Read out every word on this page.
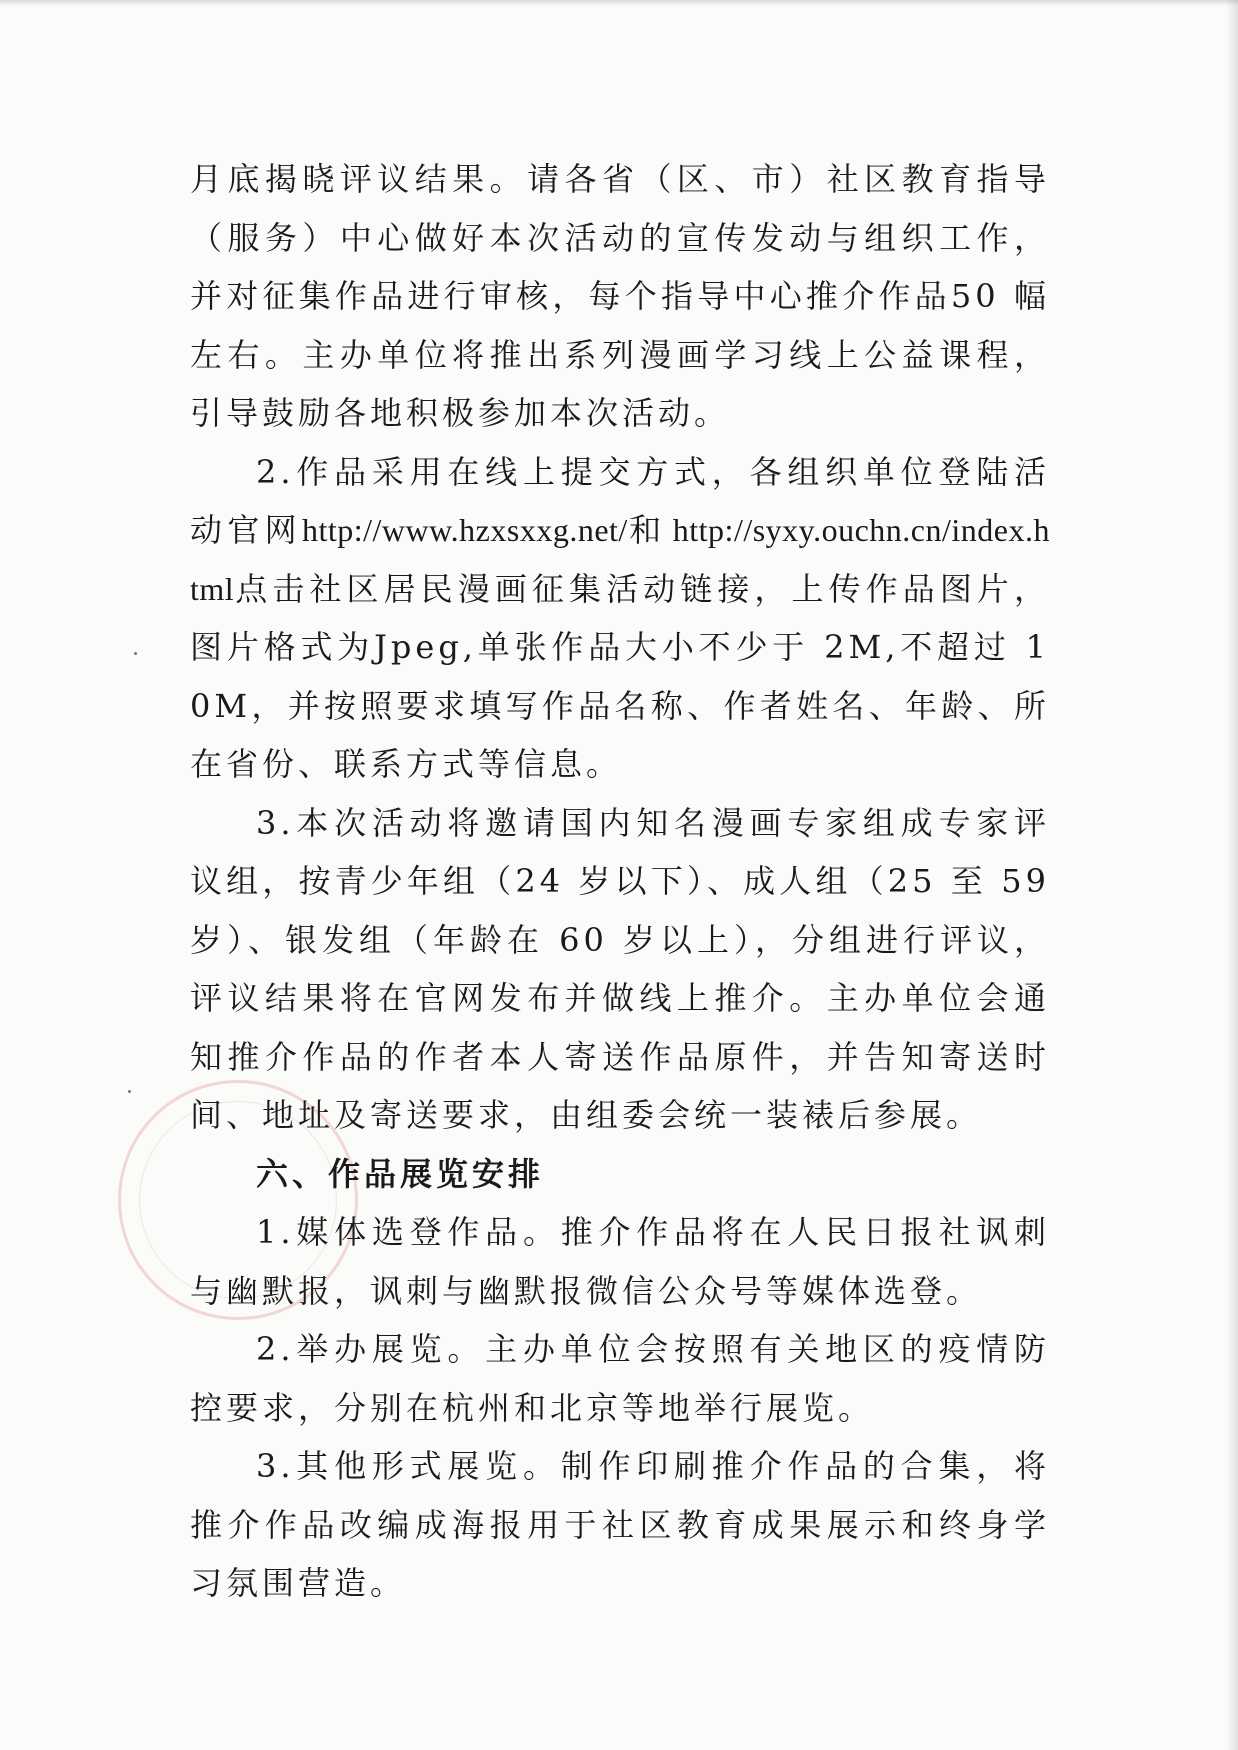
月底揭晓评议结果。请各省（区、市）社区教育指导（服务）中心做好本次活动的宣传发动与组织工作，并对征集作品进行审核，每个指导中心推介作品50 幅左右。主办单位将推出系列漫画学习线上公益课程，引导鼓励各地积极参加本次活动。

2.作品采用在线上提交方式，各组织单位登陆活动官网http://www.hzxsxxg.net/和 http://syxy.ouchn.cn/index.html点击社区居民漫画征集活动链接，上传作品图片，图片格式为Jpeg,单张作品大小不少于 2M,不超过 10M，并按照要求填写作品名称、作者姓名、年龄、所在省份、联系方式等信息。

3.本次活动将邀请国内知名漫画专家组成专家评议组，按青少年组（24 岁以下）、成人组（25 至 59 岁）、银发组（年龄在 60 岁以上），分组进行评议，评议结果将在官网发布并做线上推介。主办单位会通知推介作品的作者本人寄送作品原件，并告知寄送时间、地址及寄送要求，由组委会统一装裱后参展。

六、作品展览安排

1.媒体选登作品。推介作品将在人民日报社讽刺与幽默报，讽刺与幽默报微信公众号等媒体选登。

2.举办展览。主办单位会按照有关地区的疫情防控要求，分别在杭州和北京等地举行展览。

3.其他形式展览。制作印刷推介作品的合集，将推介作品改编成海报用于社区教育成果展示和终身学习氛围营造。
